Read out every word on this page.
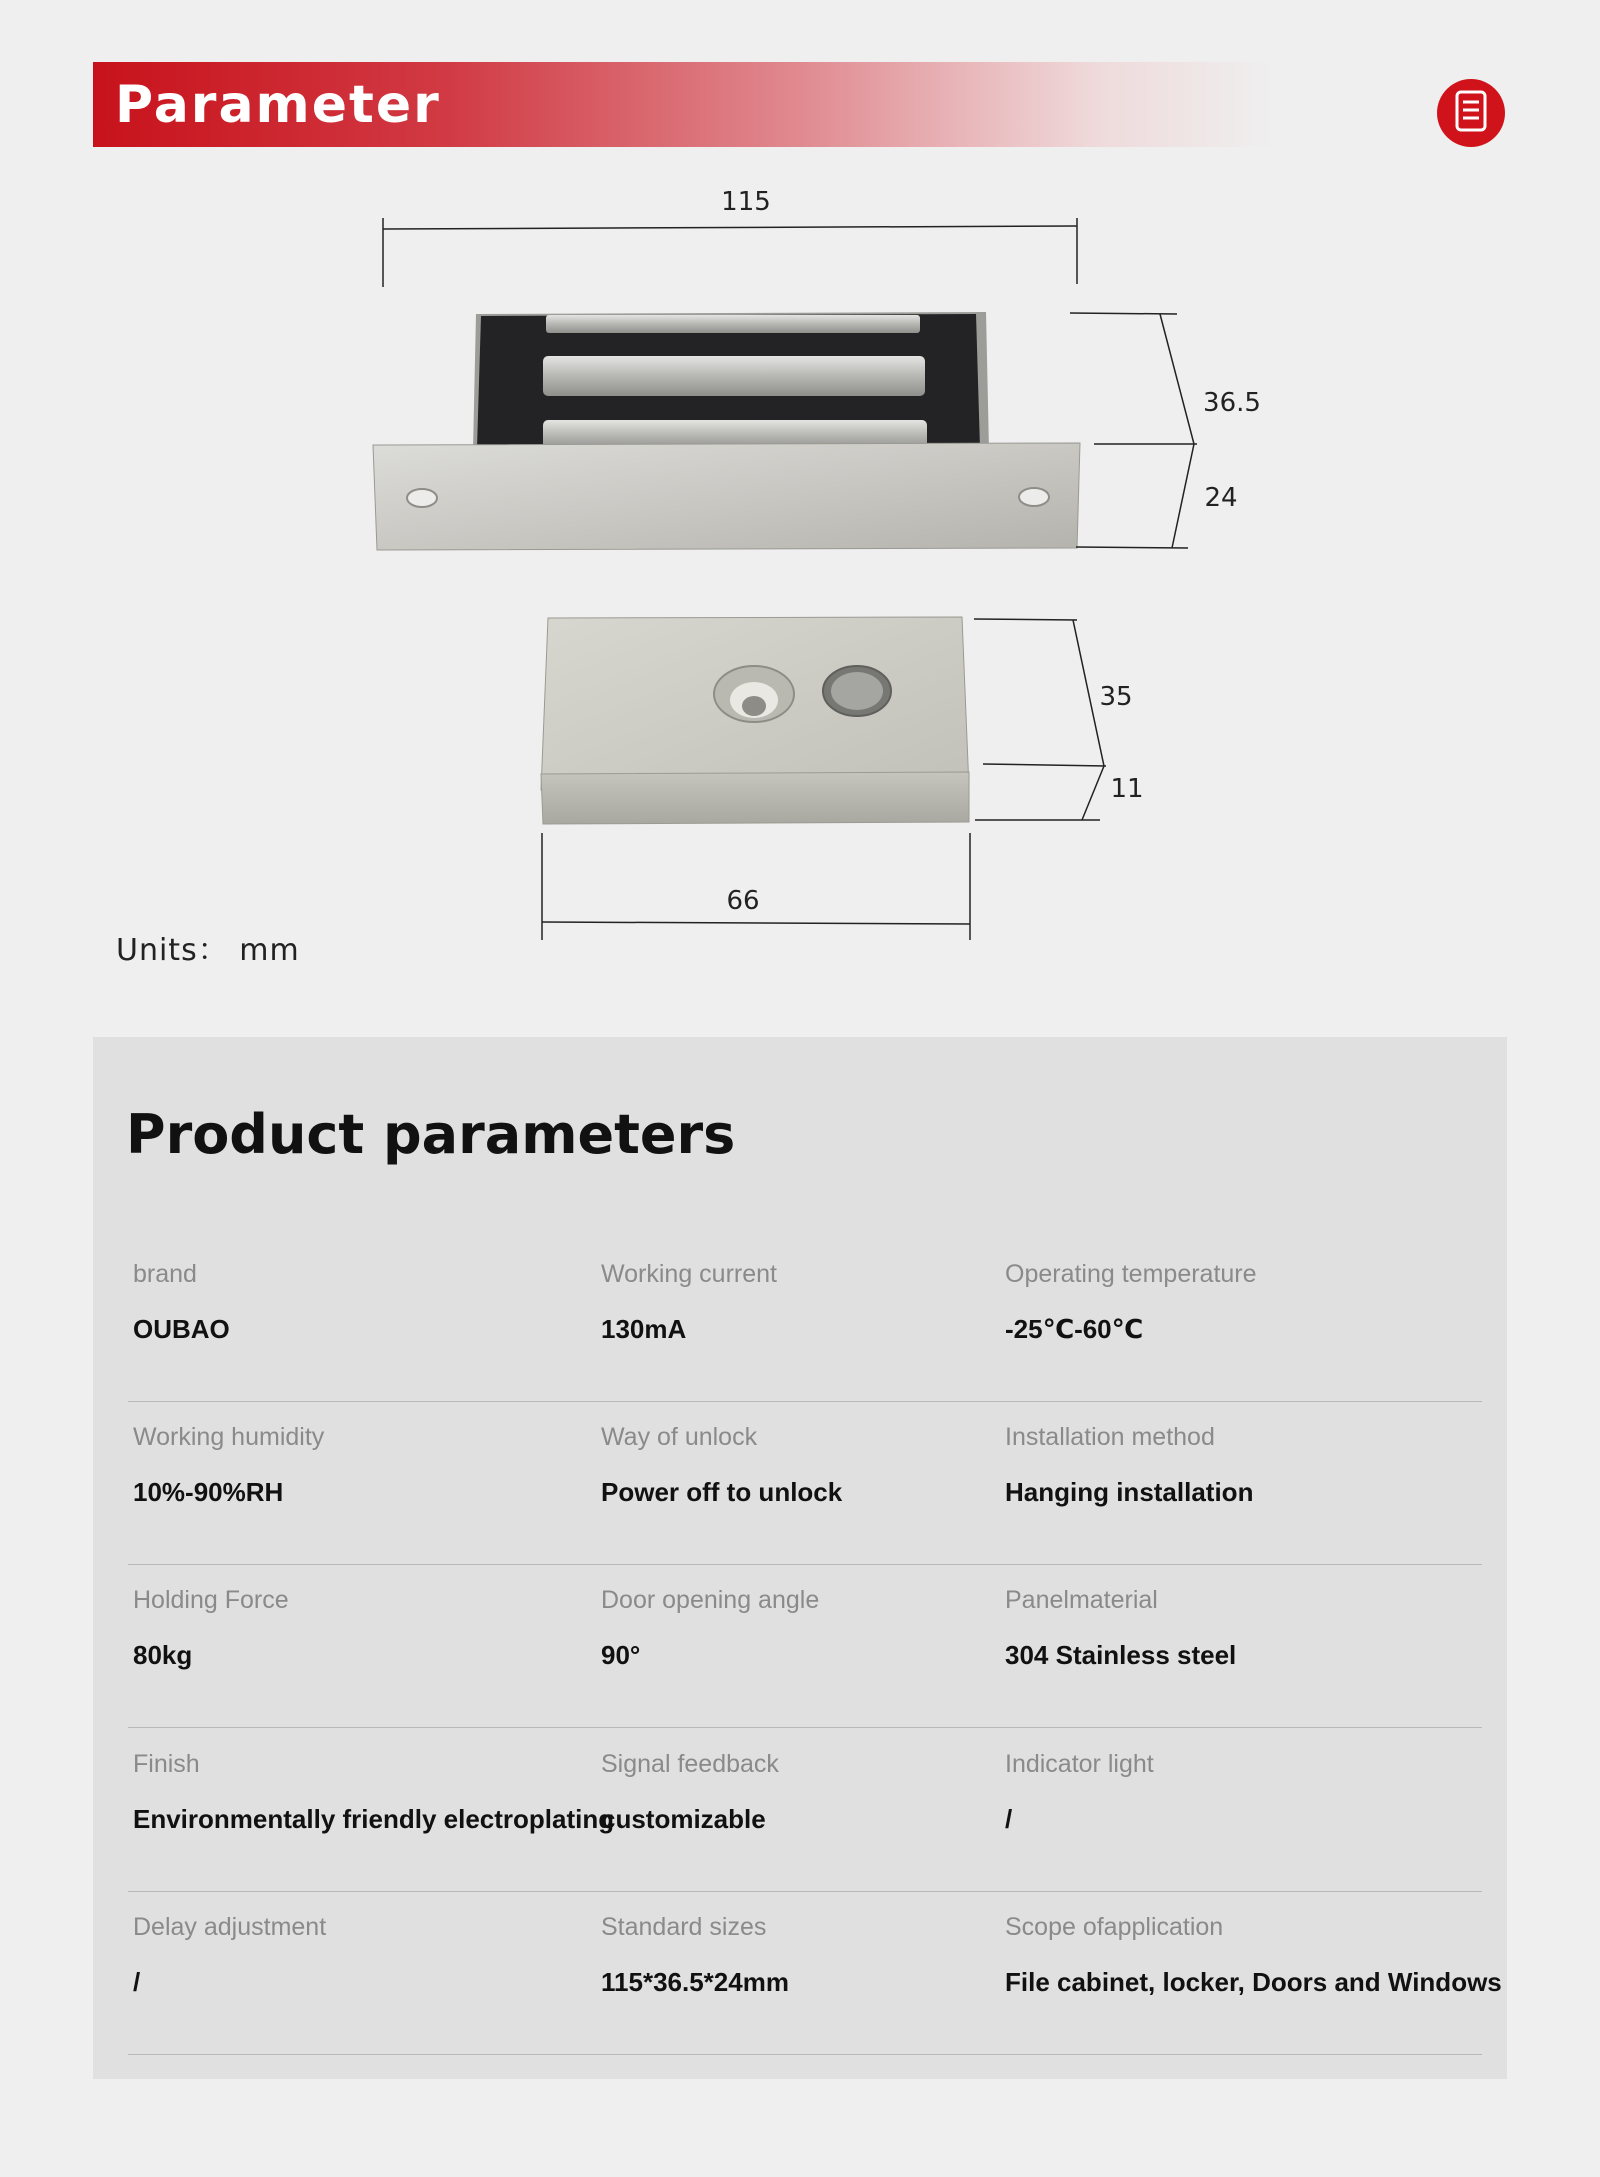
Parameter
115
36.5
24
35
11
66
Units： mm
Product parameters
brand
OUBAO
Working current
130mA
Operating temperature
-25℃-60℃
Working humidity
10%-90%RH
Way of unlock
Power off to unlock
Installation method
Hanging installation
Holding Force
80kg
Door opening angle
90°
Panelmaterial
304 Stainless steel
Finish
Environmentally friendly electroplating
Signal feedback
customizable
Indicator light
/
Delay adjustment
/
Standard sizes
115*36.5*24mm
Scope ofapplication
File cabinet, locker, Doors and Windows
